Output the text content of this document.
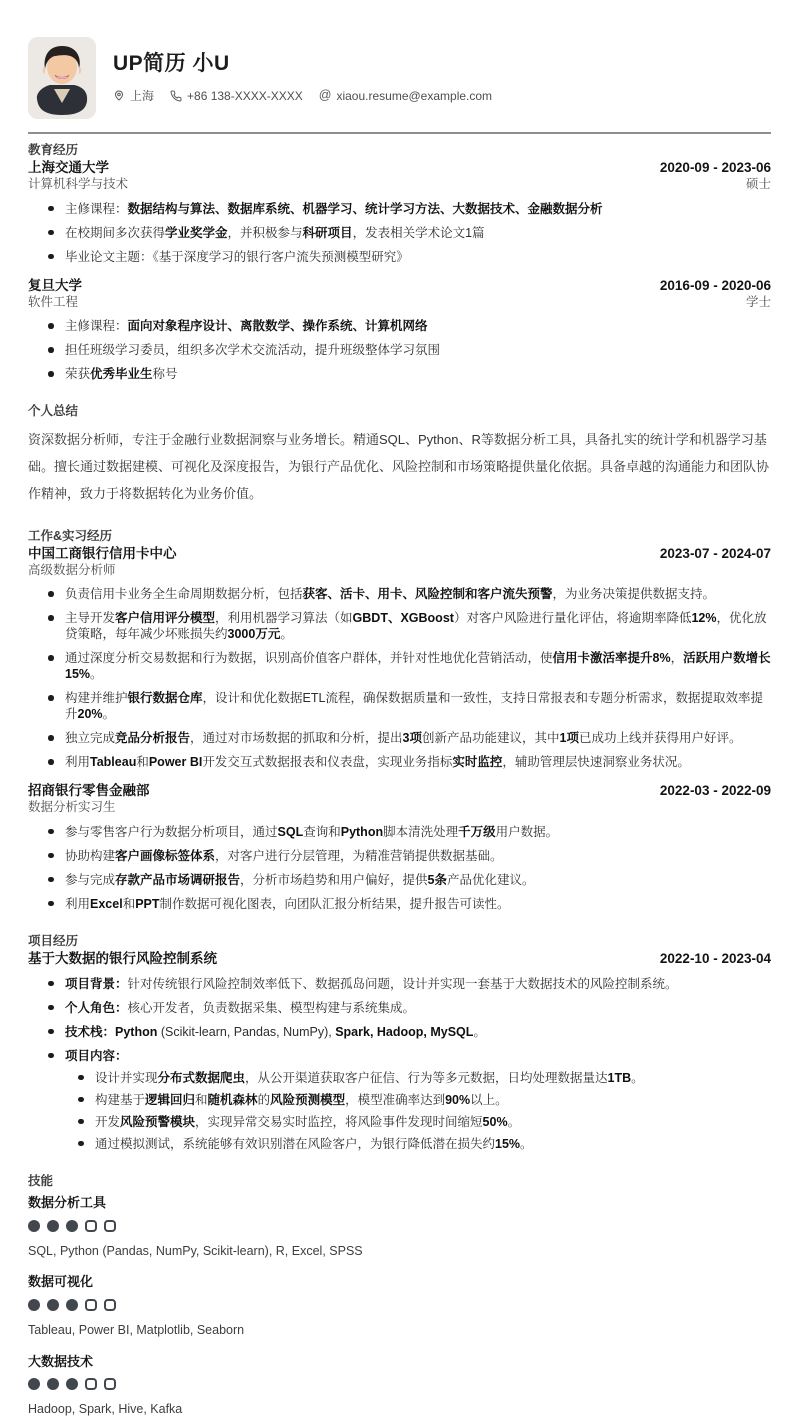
UP简历 小U
上海	+86 138-XXXX-XXXX @ xiaou.resume@example.com
教育经历
上海交通大学	2020-09 - 2023-06
计算机科学与技术	硕士
主修课程：数据结构与算法、数据库系统、机器学习、统计学习方法、大数据技术、金融数据分析
在校期间多次获得学业奖学金，并积极参与科研项目，发表相关学术论文1篇
毕业论文主题：《基于深度学习的银行客户流失预测模型研究》
复旦大学	2016-09 - 2020-06
软件工程	学士
主修课程：面向对象程序设计、离散数学、操作系统、计算机网络
担任班级学习委员，组织多次学术交流活动，提升班级整体学习氛围
荣获优秀毕业生称号
个人总结

资深数据分析师，专注于金融行业数据洞察与业务增长。精通SQL、Python、R等数据分析工具，具备扎实的统计学和机器学习基础。擅长通过数据建模、可视化及深度报告，为银行产品优化、风险控制和市场策略提供量化依据。具备卓越的沟通能力和团队协作精神，致力于将数据转化为业务价值。

工作&实习经历
中国工商银行信用卡中心	2023-07 - 2024-07
高级数据分析师
负责信用卡业务全生命周期数据分析，包括获客、活卡、用卡、风险控制和客户流失预警，为业务决策提供数据支持。
主导开发客户信用评分模型，利用机器学习算法（如GBDT、XGBoost）对客户风险进行量化评估，将逾期率降低12%，优化放贷策略，每年减少坏账损失约3000万元。
通过深度分析交易数据和行为数据，识别高价值客户群体，并针对性地优化营销活动，使信用卡激活率提升8%，活跃用户数增长15%。
构建并维护银行数据仓库，设计和优化数据ETL流程，确保数据质量和一致性，支持日常报表和专题分析需求，数据提取效率提升20%。
独立完成竞品分析报告，通过对市场数据的抓取和分析，提出3项创新产品功能建议，其中1项已成功上线并获得用户好评。
利用Tableau和Power BI开发交互式数据报表和仪表盘，实现业务指标实时监控，辅助管理层快速洞察业务状况。
招商银行零售金融部	2022-03 - 2022-09
数据分析实习生
参与零售客户行为数据分析项目，通过SQL查询和Python脚本清洗处理千万级用户数据。
协助构建客户画像标签体系，对客户进行分层管理，为精准营销提供数据基础。
参与完成存款产品市场调研报告，分析市场趋势和用户偏好，提供5条产品优化建议。
利用Excel和PPT制作数据可视化图表，向团队汇报分析结果，提升报告可读性。
项目经历
基于大数据的银行风险控制系统	2022-10 - 2023-04
项目背景：针对传统银行风险控制效率低下、数据孤岛问题，设计并实现一套基于大数据技术的风险控制系统。
个人角色：核心开发者，负责数据采集、模型构建与系统集成。
技术栈：Python (Scikit-learn, Pandas, NumPy), Spark, Hadoop, MySQL。
项目内容：
设计并实现分布式数据爬虫，从公开渠道获取客户征信、行为等多元数据，日均处理数据量达1TB。
构建基于逻辑回归和随机森林的风险预测模型，模型准确率达到90%以上。
开发风险预警模块，实现异常交易实时监控，将风险事件发现时间缩短50%。
通过模拟测试，系统能够有效识别潜在风险客户，为银行降低潜在损失约15%。
技能
数据分析工具
SQL, Python (Pandas, NumPy, Scikit-learn), R, Excel, SPSS
数据可视化
Tableau, Power BI, Matplotlib, Seaborn
大数据技术
Hadoop, Spark, Hive, Kafka
